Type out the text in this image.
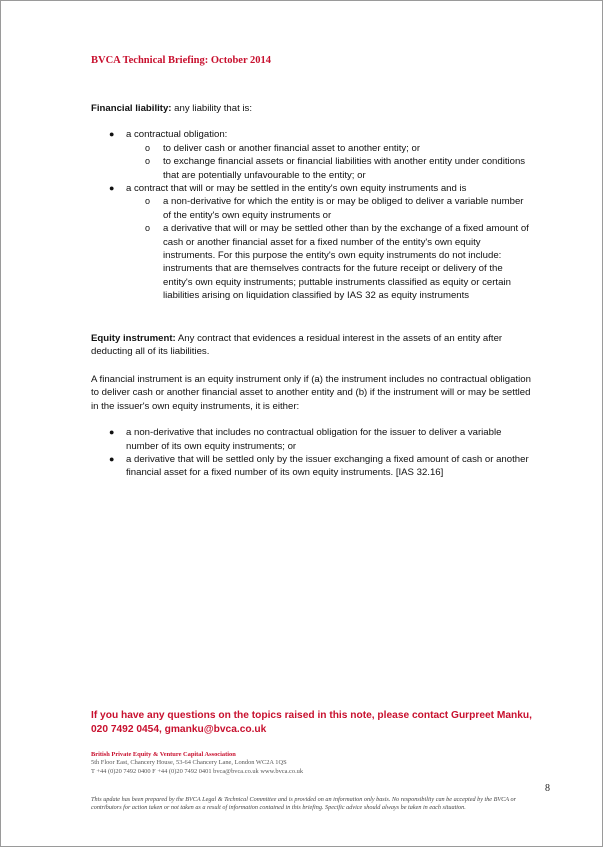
BVCA Technical Briefing: October 2014
Financial liability: any liability that is:
● a contractual obligation:
o to deliver cash or another financial asset to another entity; or
o to exchange financial assets or financial liabilities with another entity under conditions that are potentially unfavourable to the entity; or
● a contract that will or may be settled in the entity's own equity instruments and is
o a non-derivative for which the entity is or may be obliged to deliver a variable number of the entity's own equity instruments or
o a derivative that will or may be settled other than by the exchange of a fixed amount of cash or another financial asset for a fixed number of the entity's own equity instruments. For this purpose the entity's own equity instruments do not include: instruments that are themselves contracts for the future receipt or delivery of the entity's own equity instruments; puttable instruments classified as equity or certain liabilities arising on liquidation classified by IAS 32 as equity instruments
Equity instrument: Any contract that evidences a residual interest in the assets of an entity after deducting all of its liabilities.
A financial instrument is an equity instrument only if (a) the instrument includes no contractual obligation to deliver cash or another financial asset to another entity and (b) if the instrument will or may be settled in the issuer's own equity instruments, it is either:
● a non-derivative that includes no contractual obligation for the issuer to deliver a variable number of its own equity instruments; or
● a derivative that will be settled only by the issuer exchanging a fixed amount of cash or another financial asset for a fixed number of its own equity instruments. [IAS 32.16]
If you have any questions on the topics raised in this note, please contact Gurpreet Manku, 020 7492 0454, gmanku@bvca.co.uk
British Private Equity & Venture Capital Association
5th Floor East, Chancery House, 53-64 Chancery Lane, London WC2A 1QS
T +44 (0)20 7492 0400 F +44 (0)20 7492 0401 bvca@bvca.co.uk www.bvca.co.uk
8
This update has been prepared by the BVCA Legal & Technical Committee and is provided on an information only basis. No responsibility can be accepted by the BVCA or contributors for action taken or not taken as a result of information contained in this briefing. Specific advice should always be taken in each situation.
